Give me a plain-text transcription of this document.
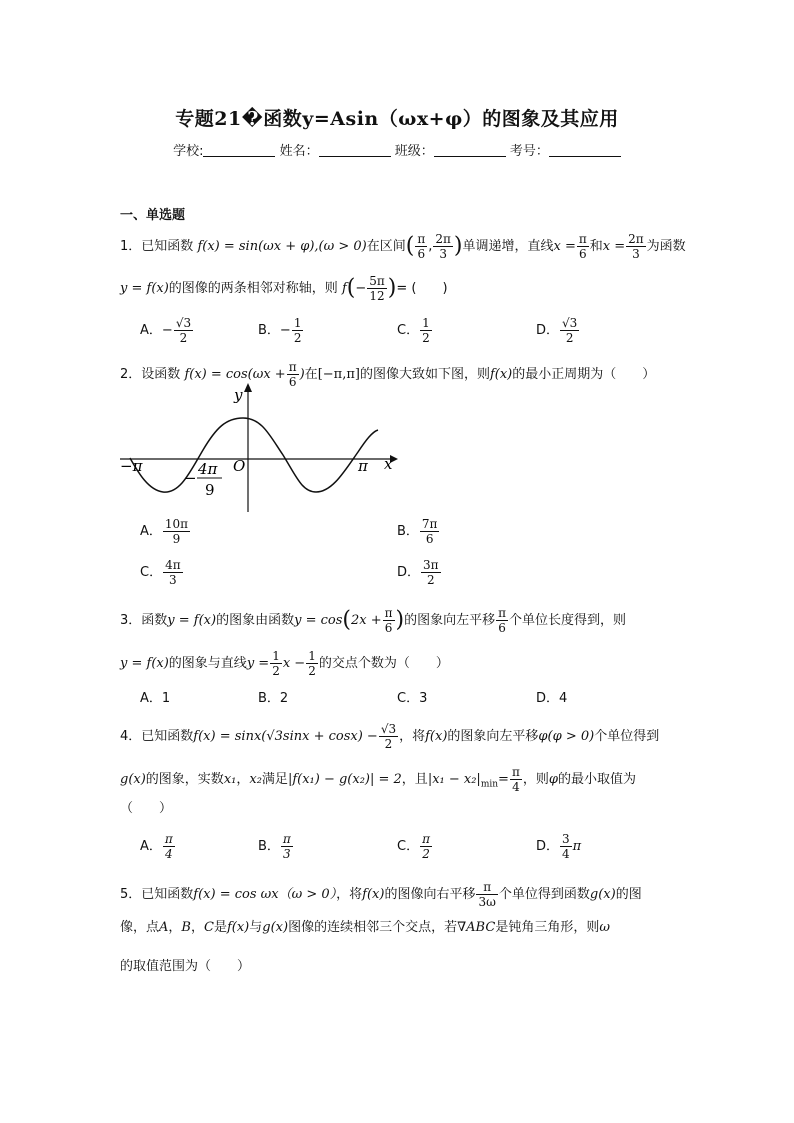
专题21�函数y=Asin（ωx+φ）的图象及其应用
学校:	姓名：	班级：	考号：
一、单选题
1．已知函数 f(x) = sin(ωx + φ),(ω > 0)在区间( $\frac{\pi}{6}$ , $\frac{2\pi}{3}$ )单调递增，直线$x = \frac{\pi}{6}$ 和$x = \frac{2\pi}{3}$ 为函数
y = f(x)的图像的两条相邻对称轴，则 $f(- \frac{5\pi}{12}$ )= (　　)
A．− $\frac{√3}{2}$	B．− $\frac{1}{2}$	C． $\frac{1}{2}$	D． $\frac{√3}{2}$
2．设函数 $f(x) = \cos(\omega x + \frac{\pi}{6}$ )在[−π,π]的图像大致如下图，则f(x)的最小正周期为（　　）
y
x
O
−π	π
− 4π
9
A． $\frac{10\pi}{9}$	B． $\frac{7\pi}{6}$
C． $\frac{4\pi}{3}$	D． $\frac{3\pi}{2}$
3．函数y = f(x)的图象由函数$y = \cos(2x + \frac{\pi}{6}$ )的图象向左平移 $\frac{\pi}{6}$ 个单位长度得到，则
y = f(x)的图象与直线$y = \frac{1}{2}$ $x - \frac{1}{2}$ 的交点个数为（　　）
A．1	B．2	C．3	D．4
4．已知函数$f(x) = \sin x(√3\sin x + \cos x) - \frac{√3}{2}$ ，将f(x)的图象向左平移φ(φ > 0)个单位得到
g(x)的图象，实数x₁，x₂满足|f(x₁) − g(x₂)| = 2，且$|x_1 - x_2|_{min}= \frac{\pi}{4}$ ，则φ的最小取值为
（　　）
A． $\frac{\pi}{4}$	B． $\frac{\pi}{3}$	C． $\frac{\pi}{2}$	D． $\frac{3}{4}$ π
5．已知函数f(x) = cos ωx（ω > 0），将f(x)的图像向右平移 $\frac{\pi}{3\omega}$ 个单位得到函数g(x)的图
像，点A，B，C是f(x)与g(x)图像的连续相邻三个交点，若∇ABC是钝角三角形，则ω
的取值范围为（　　）
